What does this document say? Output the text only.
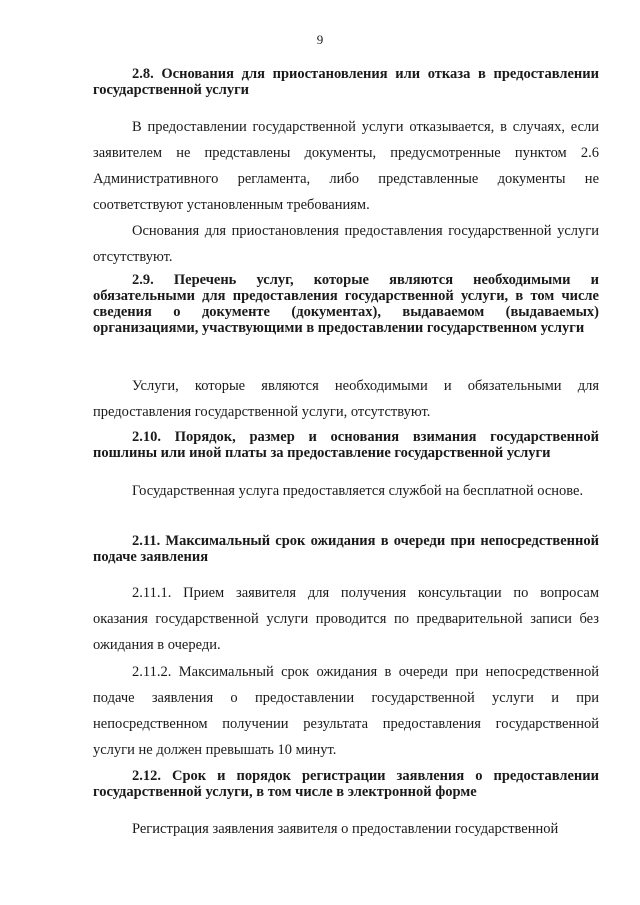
9

2.8. Основания для приостановления или отказа в предоставлении государственной услуги

В предоставлении государственной услуги отказывается, в случаях, если заявителем не представлены документы, предусмотренные пунктом 2.6 Административного регламента, либо представленные документы не соответствуют установленным требованиям.

Основания для приостановления предоставления государственной услуги отсутствуют.

2.9. Перечень услуг, которые являются необходимыми и обязательными для предоставления государственной услуги, в том числе сведения о документе (документах), выдаваемом (выдаваемых) организациями, участвующими в предоставлении государственном услуги

Услуги, которые являются необходимыми и обязательными для предоставления государственной услуги, отсутствуют.

2.10. Порядок, размер и основания взимания государственной пошлины или иной платы за предоставление государственной услуги

Государственная услуга предоставляется службой на бесплатной основе.

2.11. Максимальный срок ожидания в очереди при непосредственной подаче заявления

2.11.1. Прием заявителя для получения консультации по вопросам оказания государственной услуги проводится по предварительной записи без ожидания в очереди.

2.11.2. Максимальный срок ожидания в очереди при непосредственной подаче заявления о предоставлении государственной услуги и при непосредственном получении результата предоставления государственной услуги не должен превышать 10 минут.

2.12. Срок и порядок регистрации заявления о предоставлении государственной услуги, в том числе в электронной форме

Регистрация заявления заявителя о предоставлении государственной
